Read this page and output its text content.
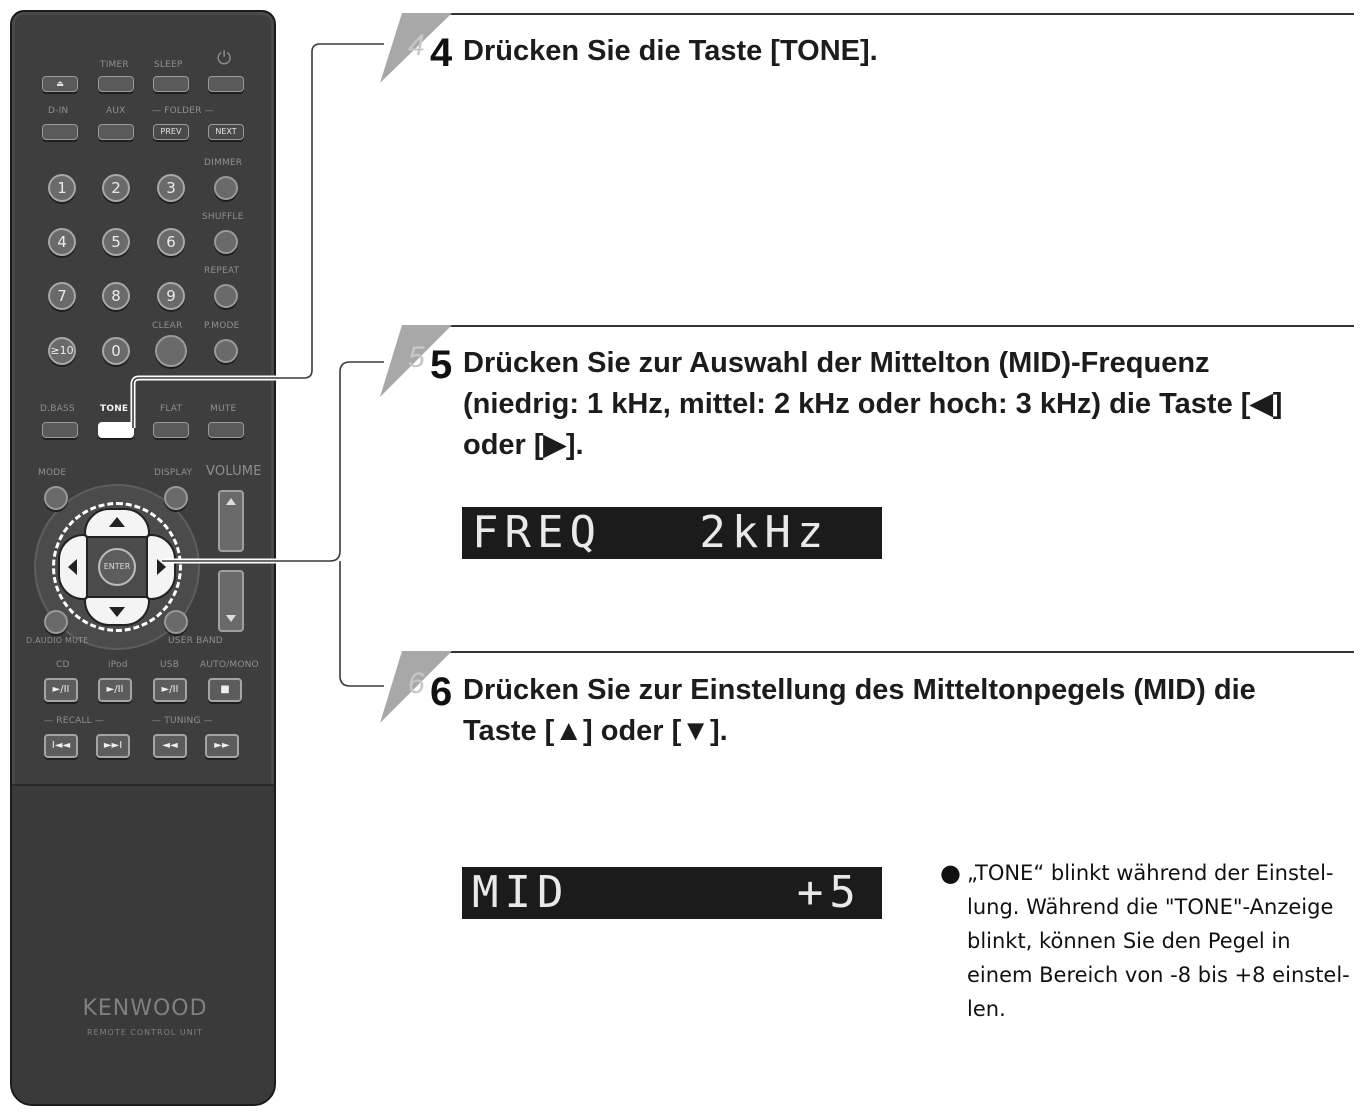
TIMER	SLEEP ⏻
⏏
D-IN	AUX	— FOLDER —
PREV	NEXT
DIMMER
1	2	3
SHUFFLE
4	5	6
REPEAT
7	8	9
CLEAR P.MODE
≥10	0
D.BASS	TONE	FLAT	MUTE
MODE	DISPLAY VOLUME
ENTER
D.AUDIO MUTE	USER BAND
CD	iPod	USB AUTO/MONO
►/II	►/II	►/II	■
— RECALL —	— TUNING —
I◄◄	►►I	◄◄	►►
KENWOOD
REMOTE CONTROL UNIT
4 4 Drücken Sie die Taste [TONE].
5 5 Drücken Sie zur Auswahl der Mittelton (MID)-Frequenz
(niedrig: 1 kHz, mittel: 2 kHz oder hoch: 3 kHz) die Taste [◀]
oder [▶].
FREQ   2kHz
6 6 Drücken Sie zur Einstellung des Mitteltonpegels (MID) die
Taste [▲] oder [▼].
MID       +5	● „TONE“ blinkt während der Einstel-
lung. Während die "TONE"-Anzeige
blinkt, können Sie den Pegel in
einem Bereich von -8 bis +8 einstel-
len.
